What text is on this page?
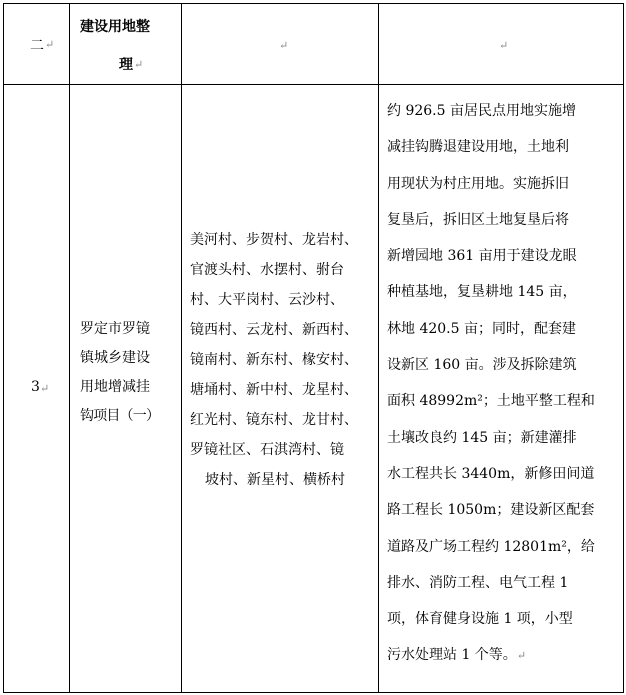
二 ↵

建设用地整

理 ↵
↵	↵
3 ↵

罗定市罗镜

镇城乡建设

用地增减挂

钩项目（一）

美河村、步贺村、龙岩村、

官渡头村、水摆村、驸台

村、大平岗村、云沙村、

镜西村、云龙村、新西村、

镜南村、新东村、椽安村、

塘埇村、新中村、龙星村、

红光村、镜东村、龙甘村、

罗镜社区、石淇湾村、镜

坡村、新星村、横桥村

约 926.5 亩居民点用地实施增

减挂钩腾退建设用地，土地利

用现状为村庄用地。实施拆旧

复垦后，拆旧区土地复垦后将

新增园地 361 亩用于建设龙眼

种植基地，复垦耕地 145 亩，

林地 420.5 亩；同时，配套建

设新区 160 亩。涉及拆除建筑

面积 48992m²；土地平整工程和

土壤改良约 145 亩；新建灌排

水工程共长 3440m，新修田间道

路工程长 1050m；建设新区配套

道路及广场工程约 12801m²，给

排水、消防工程、电气工程 1

项，体育健身设施 1 项，小型

污水处理站 1 个等。↵
